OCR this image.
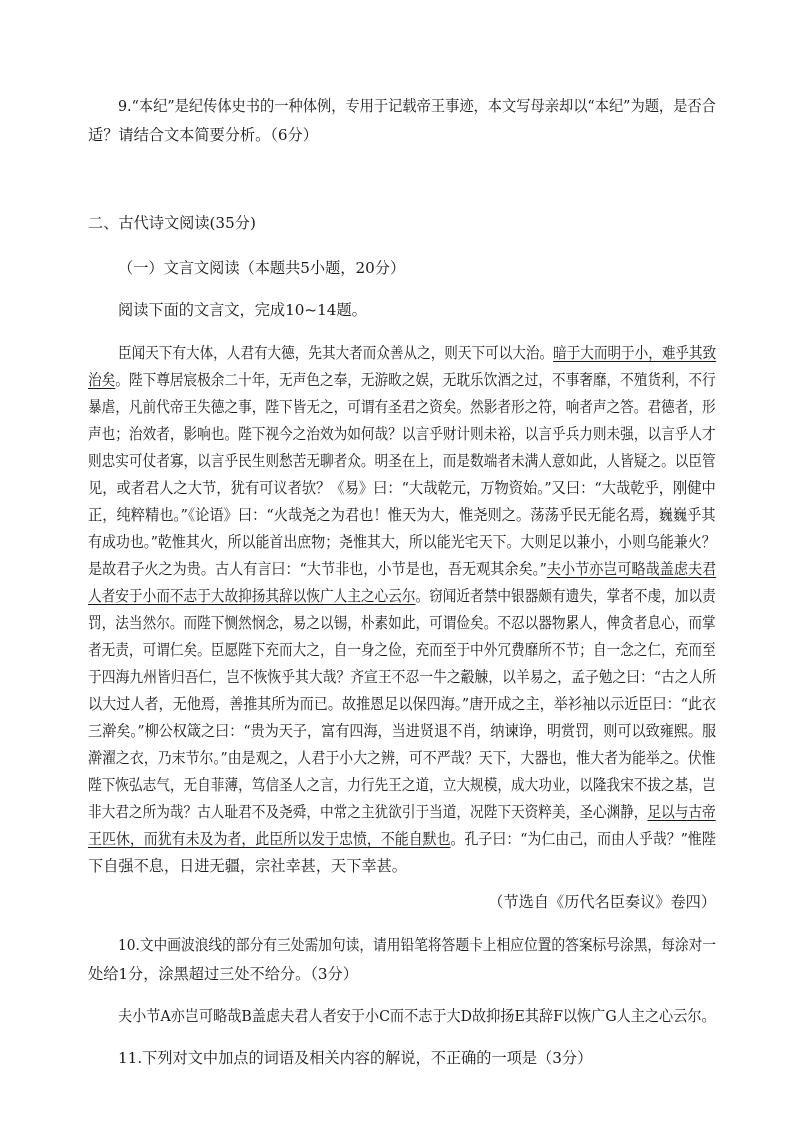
9.“本纪”是纪传体史书的一种体例，专用于记载帝王事迹，本文写母亲却以“本纪”为题，是否合
适？请结合文本简要分析。（6分）
二、古代诗文阅读(35分)
（一）文言文阅读（本题共5小题，20分）
阅读下面的文言文，完成10~14题。
臣闻天下有大体，人君有大德，先其大者而众善从之，则天下可以大治。暗于大而明于小，难乎其致
治矣。陛下尊居宸极余二十年，无声色之奉，无游畋之娱，无耽乐饮酒之过，不事奢靡，不殖货利，不行
暴虐，凡前代帝王失德之事，陛下皆无之，可谓有圣君之资矣。然影者形之符，响者声之答。君德者，形
声也；治效者，影响也。陛下视今之治效为如何哉？以言乎财计则未裕，以言乎兵力则未强，以言乎人才
则忠实可仗者寡，以言乎民生则愁苦无聊者众。明圣在上，而是数端者未满人意如此，人皆疑之。以臣管
见，或者君人之大节，犹有可议者欤？《易》曰：“大哉乾元，万物资始。”又曰：“大哉乾乎，刚健中
正，纯粹精也。”《论语》曰：“火哉尧之为君也！惟天为大，惟尧则之。荡荡乎民无能名焉，巍巍乎其
有成功也。”乾惟其火，所以能首出庶物；尧惟其大，所以能光宅天下。大则足以兼小，小则乌能兼火？
是故君子火之为贵。古人有言曰：“大节非也，小节是也，吾无观其余矣。”夫小节亦岂可略哉盖虑夫君
人者安于小而不志于大故抑扬其辞以恢广人主之心云尔。窃闻近者禁中银器颇有遗失，掌者不虔，加以责
罚，法当然尔。而陛下恻然悯念，易之以锡，朴素如此，可谓俭矣。不忍以器物累人，俾贪者息心，而掌
者无责，可谓仁矣。臣愿陛下充而大之，自一身之俭，充而至于中外冗费靡所不节；自一念之仁，充而至
于四海九州皆归吾仁，岂不恢恢乎其大哉？齐宣王不忍一牛之觳觫，以羊易之，孟子勉之曰：“古之人所
以大过人者，无他焉，善推其所为而已。故推恩足以保四海。”唐开成之主，举衫袖以示近臣曰：“此衣
三澣矣。”柳公权箴之曰：“贵为天子，富有四海，当进贤退不肖，纳谏诤，明赏罚，则可以致雍熙。服
澣濯之衣，乃末节尔。”由是观之，人君于小大之辨，可不严哉？天下，大器也，惟大者为能举之。伏惟
陛下恢弘志气，无自菲薄，笃信圣人之言，力行先王之道，立大规模，成大功业，以隆我宋不拔之基，岂
非大君之所为哉？古人耻君不及尧舜，中常之主犹欲引于当道，况陛下天资粹美，圣心渊静，足以与古帝
王匹休，而犹有未及为者，此臣所以发于忠愤，不能自默也。孔子曰：“为仁由己，而由人乎哉？”惟陛
下自强不息，日进无疆，宗社幸甚，天下幸甚。
（节选自《历代名臣奏议》卷四）
10.文中画波浪线的部分有三处需加句读，请用铅笔将答题卡上相应位置的答案标号涂黑，每涂对一
处给1分，涂黑超过三处不给分。（3分）
夫小节A亦岂可略哉B盖虑夫君人者安于小C而不志于大D故抑扬E其辞F以恢广G人主之心云尔。
11.下列对文中加点的词语及相关内容的解说，不正确的一项是（3分）
